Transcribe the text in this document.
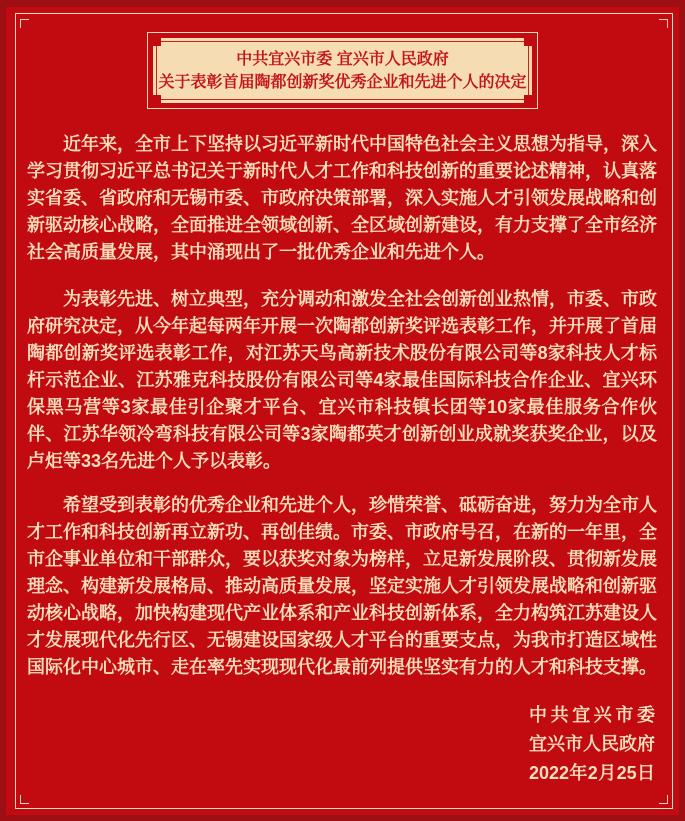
中共宜兴市委 宜兴市人民政府
关于表彰首届陶都创新奖优秀企业和先进个人的决定
近年来，全市上下坚持以习近平新时代中国特色社会主义思想为指导，深入学习贯彻习近平总书记关于新时代人才工作和科技创新的重要论述精神，认真落实省委、省政府和无锡市委、市政府决策部署，深入实施人才引领发展战略和创新驱动核心战略，全面推进全领域创新、全区域创新建设，有力支撑了全市经济社会高质量发展，其中涌现出了一批优秀企业和先进个人。
为表彰先进、树立典型，充分调动和激发全社会创新创业热情，市委、市政府研究决定，从今年起每两年开展一次陶都创新奖评选表彰工作，并开展了首届陶都创新奖评选表彰工作，对江苏天鸟高新技术股份有限公司等8家科技人才标杆示范企业、江苏雅克科技股份有限公司等4家最佳国际科技合作企业、宜兴环保黑马营等3家最佳引企聚才平台、宜兴市科技镇长团等10家最佳服务合作伙伴、江苏华领冷弯科技有限公司等3家陶都英才创新创业成就奖获奖企业，以及卢炬等33名先进个人予以表彰。
希望受到表彰的优秀企业和先进个人，珍惜荣誉、砥砺奋进，努力为全市人才工作和科技创新再立新功、再创佳绩。市委、市政府号召，在新的一年里，全市企事业单位和干部群众，要以获奖对象为榜样，立足新发展阶段、贯彻新发展理念、构建新发展格局、推动高质量发展，坚定实施人才引领发展战略和创新驱动核心战略，加快构建现代产业体系和产业科技创新体系，全力构筑江苏建设人才发展现代化先行区、无锡建设国家级人才平台的重要支点，为我市打造区域性国际化中心城市、走在率先实现现代化最前列提供坚实有力的人才和科技支撑。
中共宜兴市委
宜兴市人民政府
2022年2月25日
